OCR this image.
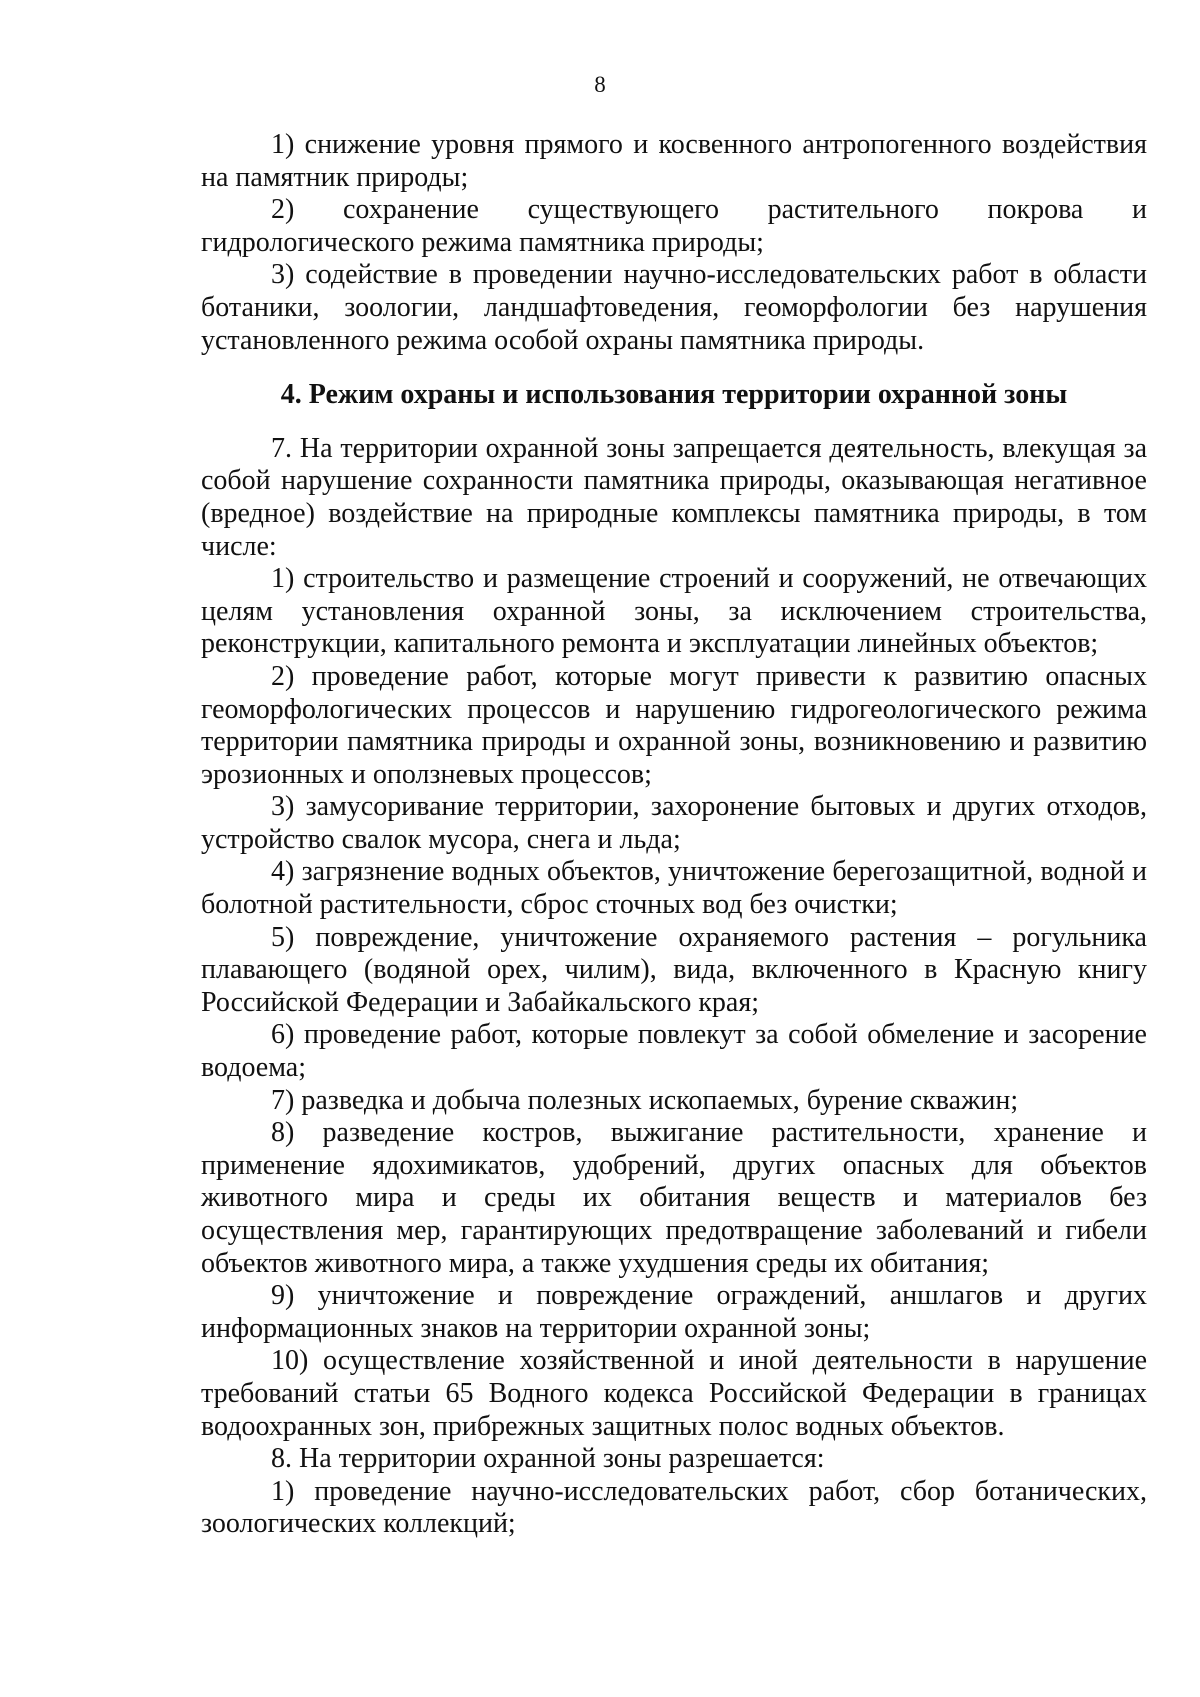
8

1) снижение уровня прямого и косвенного антропогенного воздействия на памятник природы;

2) сохранение существующего растительного покрова и гидрологического режима памятника природы;

3) содействие в проведении научно-исследовательских работ в области ботаники, зоологии, ландшафтоведения, геоморфологии без нарушения установленного режима особой охраны памятника природы.

4. Режим охраны и использования территории охранной зоны

7. На территории охранной зоны запрещается деятельность, влекущая за собой нарушение сохранности памятника природы, оказывающая негативное (вредное) воздействие на природные комплексы памятника природы, в том числе:

1) строительство и размещение строений и сооружений, не отвечающих целям установления охранной зоны, за исключением строительства, реконструкции, капитального ремонта и эксплуатации линейных объектов;

2) проведение работ, которые могут привести к развитию опасных геоморфологических процессов и нарушению гидрогеологического режима территории памятника природы и охранной зоны, возникновению и развитию эрозионных и оползневых процессов;

3) замусоривание территории, захоронение бытовых и других отходов, устройство свалок мусора, снега и льда;

4) загрязнение водных объектов, уничтожение берегозащитной, водной и болотной растительности, сброс сточных вод без очистки;

5) повреждение, уничтожение охраняемого растения – рогульника плавающего (водяной орех, чилим), вида, включенного в Красную книгу Российской Федерации и Забайкальского края;

6) проведение работ, которые повлекут за собой обмеление и засорение водоема;

7) разведка и добыча полезных ископаемых, бурение скважин;

8) разведение костров, выжигание растительности, хранение и применение ядохимикатов, удобрений, других опасных для объектов животного мира и среды их обитания веществ и материалов без осуществления мер, гарантирующих предотвращение заболеваний и гибели объектов животного мира, а также ухудшения среды их обитания;

9) уничтожение и повреждение ограждений, аншлагов и других информационных знаков на территории охранной зоны;

10) осуществление хозяйственной и иной деятельности в нарушение требований статьи 65 Водного кодекса Российской Федерации в границах водоохранных зон, прибрежных защитных полос водных объектов.

8. На территории охранной зоны разрешается:

1) проведение научно-исследовательских работ, сбор ботанических, зоологических коллекций;
